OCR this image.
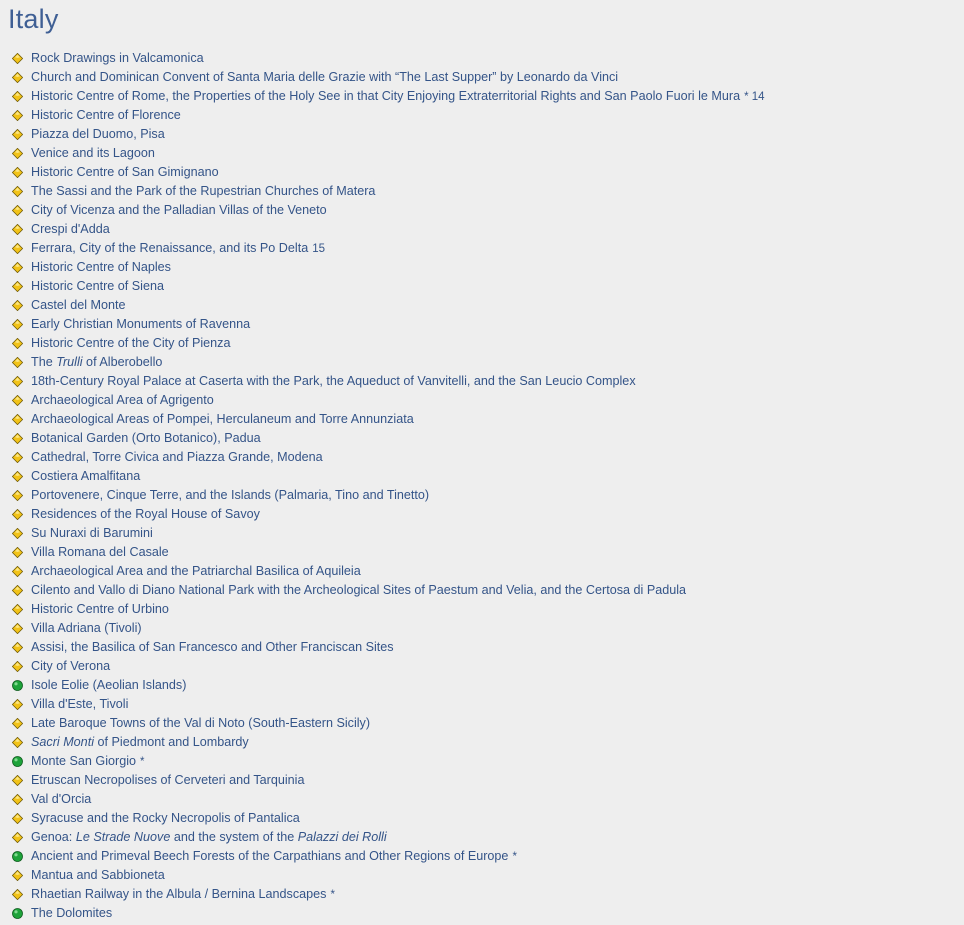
Italy
Rock Drawings in Valcamonica
Church and Dominican Convent of Santa Maria delle Grazie with “The Last Supper” by Leonardo da Vinci
Historic Centre of Rome, the Properties of the Holy See in that City Enjoying Extraterritorial Rights and San Paolo Fuori le Mura * 14
Historic Centre of Florence
Piazza del Duomo, Pisa
Venice and its Lagoon
Historic Centre of San Gimignano
The Sassi and the Park of the Rupestrian Churches of Matera
City of Vicenza and the Palladian Villas of the Veneto
Crespi d'Adda
Ferrara, City of the Renaissance, and its Po Delta 15
Historic Centre of Naples
Historic Centre of Siena
Castel del Monte
Early Christian Monuments of Ravenna
Historic Centre of the City of Pienza
The Trulli of Alberobello
18th-Century Royal Palace at Caserta with the Park, the Aqueduct of Vanvitelli, and the San Leucio Complex
Archaeological Area of Agrigento
Archaeological Areas of Pompei, Herculaneum and Torre Annunziata
Botanical Garden (Orto Botanico), Padua
Cathedral, Torre Civica and Piazza Grande, Modena
Costiera Amalfitana
Portovenere, Cinque Terre, and the Islands (Palmaria, Tino and Tinetto)
Residences of the Royal House of Savoy
Su Nuraxi di Barumini
Villa Romana del Casale
Archaeological Area and the Patriarchal Basilica of Aquileia
Cilento and Vallo di Diano National Park with the Archeological Sites of Paestum and Velia, and the Certosa di Padula
Historic Centre of Urbino
Villa Adriana (Tivoli)
Assisi, the Basilica of San Francesco and Other Franciscan Sites
City of Verona
Isole Eolie (Aeolian Islands)
Villa d'Este, Tivoli
Late Baroque Towns of the Val di Noto (South-Eastern Sicily)
Sacri Monti of Piedmont and Lombardy
Monte San Giorgio *
Etruscan Necropolises of Cerveteri and Tarquinia
Val d'Orcia
Syracuse and the Rocky Necropolis of Pantalica
Genoa: Le Strade Nuove and the system of the Palazzi dei Rolli
Ancient and Primeval Beech Forests of the Carpathians and Other Regions of Europe *
Mantua and Sabbioneta
Rhaetian Railway in the Albula / Bernina Landscapes *
The Dolomites
